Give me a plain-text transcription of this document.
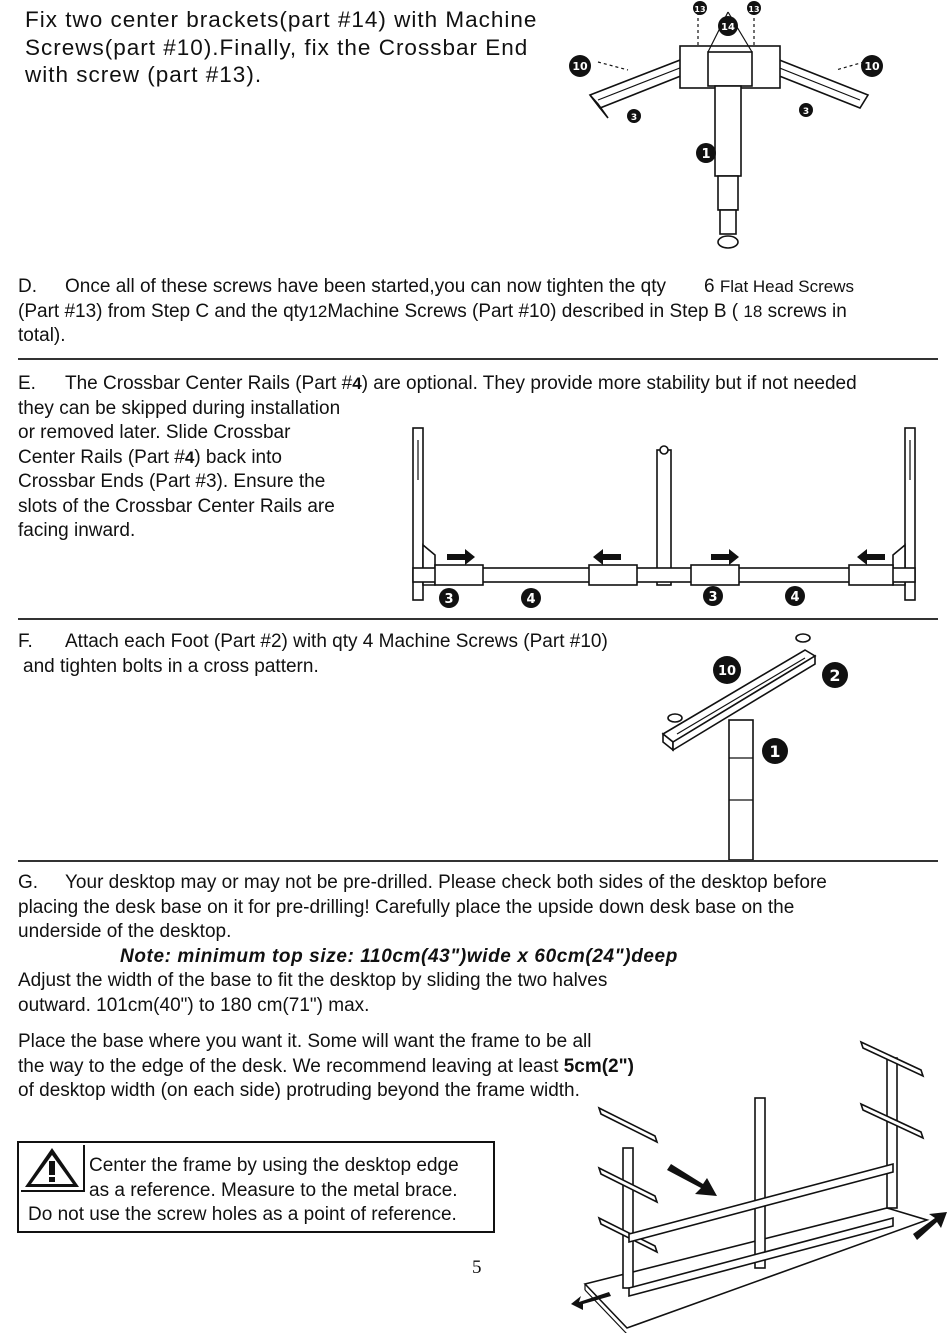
Fix two center brackets(part #14) with Machine
Screws(part #10).Finally, fix the Crossbar End
with screw (part #13).
13	13
14
10	10
3
3
1
D. Once all of these screws have been started,you can now tighten the qty 6 Flat Head Screws
(Part #13) from Step C and the qty12Machine Screws (Part #10) described in Step B ( 18 screws in
total).
E. The Crossbar Center Rails (Part #4) are optional. They provide more stability but if not needed
they can be skipped during installation
or removed later. Slide Crossbar
Center Rails (Part #4) back into
Crossbar Ends (Part #3). Ensure the
slots of the Crossbar Center Rails are
facing inward.
3	4	3	4
F. Attach each Foot (Part #2) with qty 4 Machine Screws (Part #10)
and tighten bolts in a cross pattern.	10	2
1
G. Your desktop may or may not be pre-drilled. Please check both sides of the desktop before
placing the desk base on it for pre-drilling! Carefully place the upside down desk base on the
underside of the desktop.
Note: minimum top size: 110cm(43")wide x 60cm(24")deep
Adjust the width of the base to fit the desktop by sliding the two halves
outward. 101cm(40") to 180 cm(71") max.
Place the base where you want it. Some will want the frame to be all
the way to the edge of the desk. We recommend leaving at least 5cm(2")
of desktop width (on each side) protruding beyond the frame width.
Center the frame by using the desktop edge
as a reference. Measure to the metal brace.
Do not use the screw holes as a point of reference.
5
